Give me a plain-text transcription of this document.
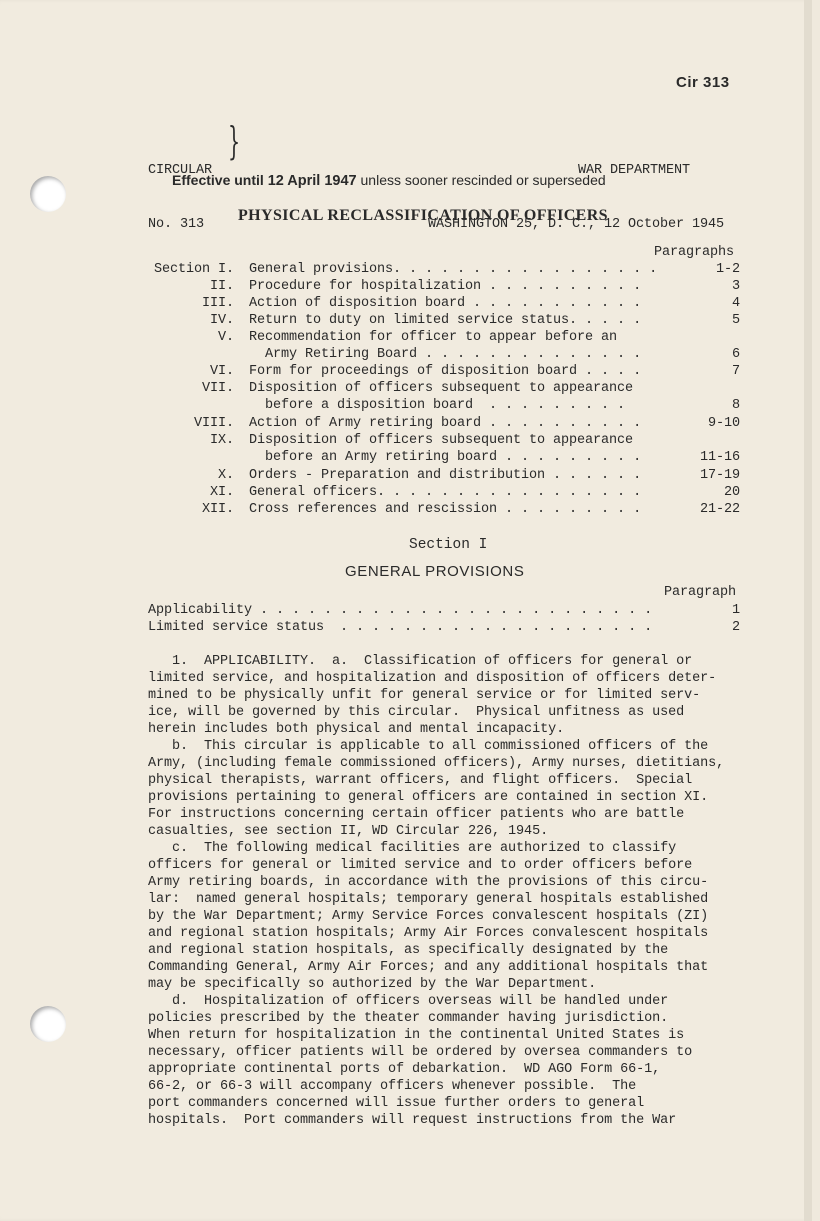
Cir 313

CIRCULAR

No. 313

}

WAR DEPARTMENT

WASHINGTON 25, D. C., 12 October 1945

Effective until 12 April 1947 unless sooner rescinded or superseded
PHYSICAL RECLASSIFICATION OF OFFICERS
Paragraphs
Section I. General provisions. . . . . . . . . . . . . . . . .	1-2
II. Procedure for hospitalization . . . . . . . . . .	3
III. Action of disposition board . . . . . . . . . . .	4
IV. Return to duty on limited service status. . . . .	5
V. Recommendation for officer to appear before an
Army Retiring Board . . . . . . . . . . . . . .	6
VI. Form for proceedings of disposition board . . . .	7
VII. Disposition of officers subsequent to appearance
before a disposition board  . . . . . . . . .	8
VIII. Action of Army retiring board . . . . . . . . . .	9-10
IX. Disposition of officers subsequent to appearance
before an Army retiring board . . . . . . . . .	11-16
X. Orders - Preparation and distribution . . . . . .	17-19
XI. General officers. . . . . . . . . . . . . . . . .	20
XII. Cross references and rescission . . . . . . . . .	21-22
Section I
GENERAL PROVISIONS
Paragraph
Applicability . . . . . . . . . . . . . . . . . . . . . . . . .	1
Limited service status  . . . . . . . . . . . . . . . . . . . .	2
1.  APPLICABILITY.  a.  Classification of officers for general or
limited service, and hospitalization and disposition of officers deter-
mined to be physically unfit for general service or for limited serv-
ice, will be governed by this circular.  Physical unfitness as used
herein includes both physical and mental incapacity.
b.  This circular is applicable to all commissioned officers of the
Army, (including female commissioned officers), Army nurses, dietitians,
physical therapists, warrant officers, and flight officers.  Special
provisions pertaining to general officers are contained in section XI.
For instructions concerning certain officer patients who are battle
casualties, see section II, WD Circular 226, 1945.
c.  The following medical facilities are authorized to classify
officers for general or limited service and to order officers before
Army retiring boards, in accordance with the provisions of this circu-
lar:  named general hospitals; temporary general hospitals established
by the War Department; Army Service Forces convalescent hospitals (ZI)
and regional station hospitals; Army Air Forces convalescent hospitals
and regional station hospitals, as specifically designated by the
Commanding General, Army Air Forces; and any additional hospitals that
may be specifically so authorized by the War Department.
d.  Hospitalization of officers overseas will be handled under
policies prescribed by the theater commander having jurisdiction.
When return for hospitalization in the continental United States is
necessary, officer patients will be ordered by oversea commanders to
appropriate continental ports of debarkation.  WD AGO Form 66-1,
66-2, or 66-3 will accompany officers whenever possible.  The
port commanders concerned will issue further orders to general
hospitals.  Port commanders will request instructions from the War
